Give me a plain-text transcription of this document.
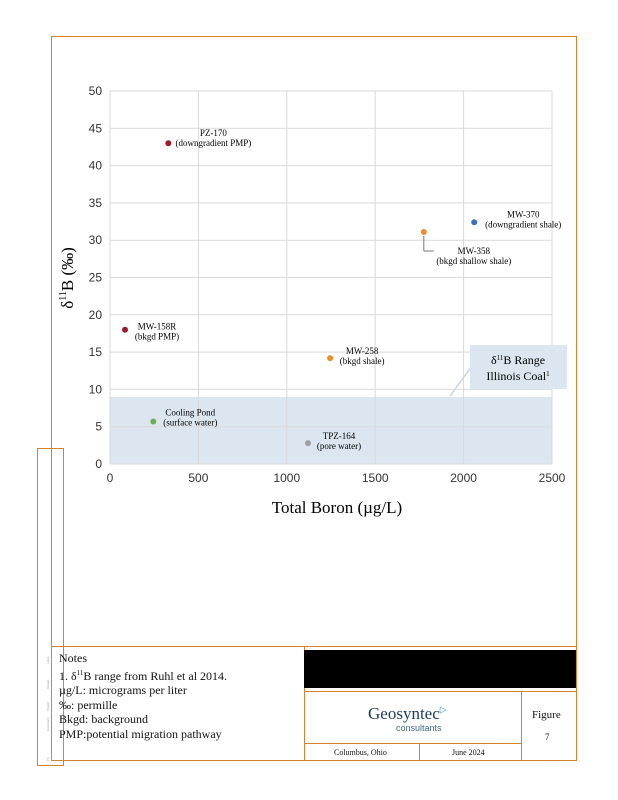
Tit
Document
Project
Design
Label
0
5
10
15
20
25
30
35
40
45
50
0	500	1000	1500	2000	2500
PZ-170
(downgradient PMP)
MW-370
(downgradient shale)
MW-358
(bkgd shallow shale)
MW-158R
(bkgd PMP)
MW-258
(bkgd shale)
Cooling Pond
(surface water)
TPZ-164
(pore water)
$\delta^{11}B$ Range
Illinois Coal$^1$
$\delta^{11}B$ (‰)
Total Boron (µg/L)
Notes
1. $\delta^{11}B$ range from Ruhl et al 2014.
µg/L: micrograms per liter
‰: permille
Bkgd: background
PMP:potential migration pathway
Geosyntec▷
consultants
Figure
7
Columbus, Ohio	June 2024
